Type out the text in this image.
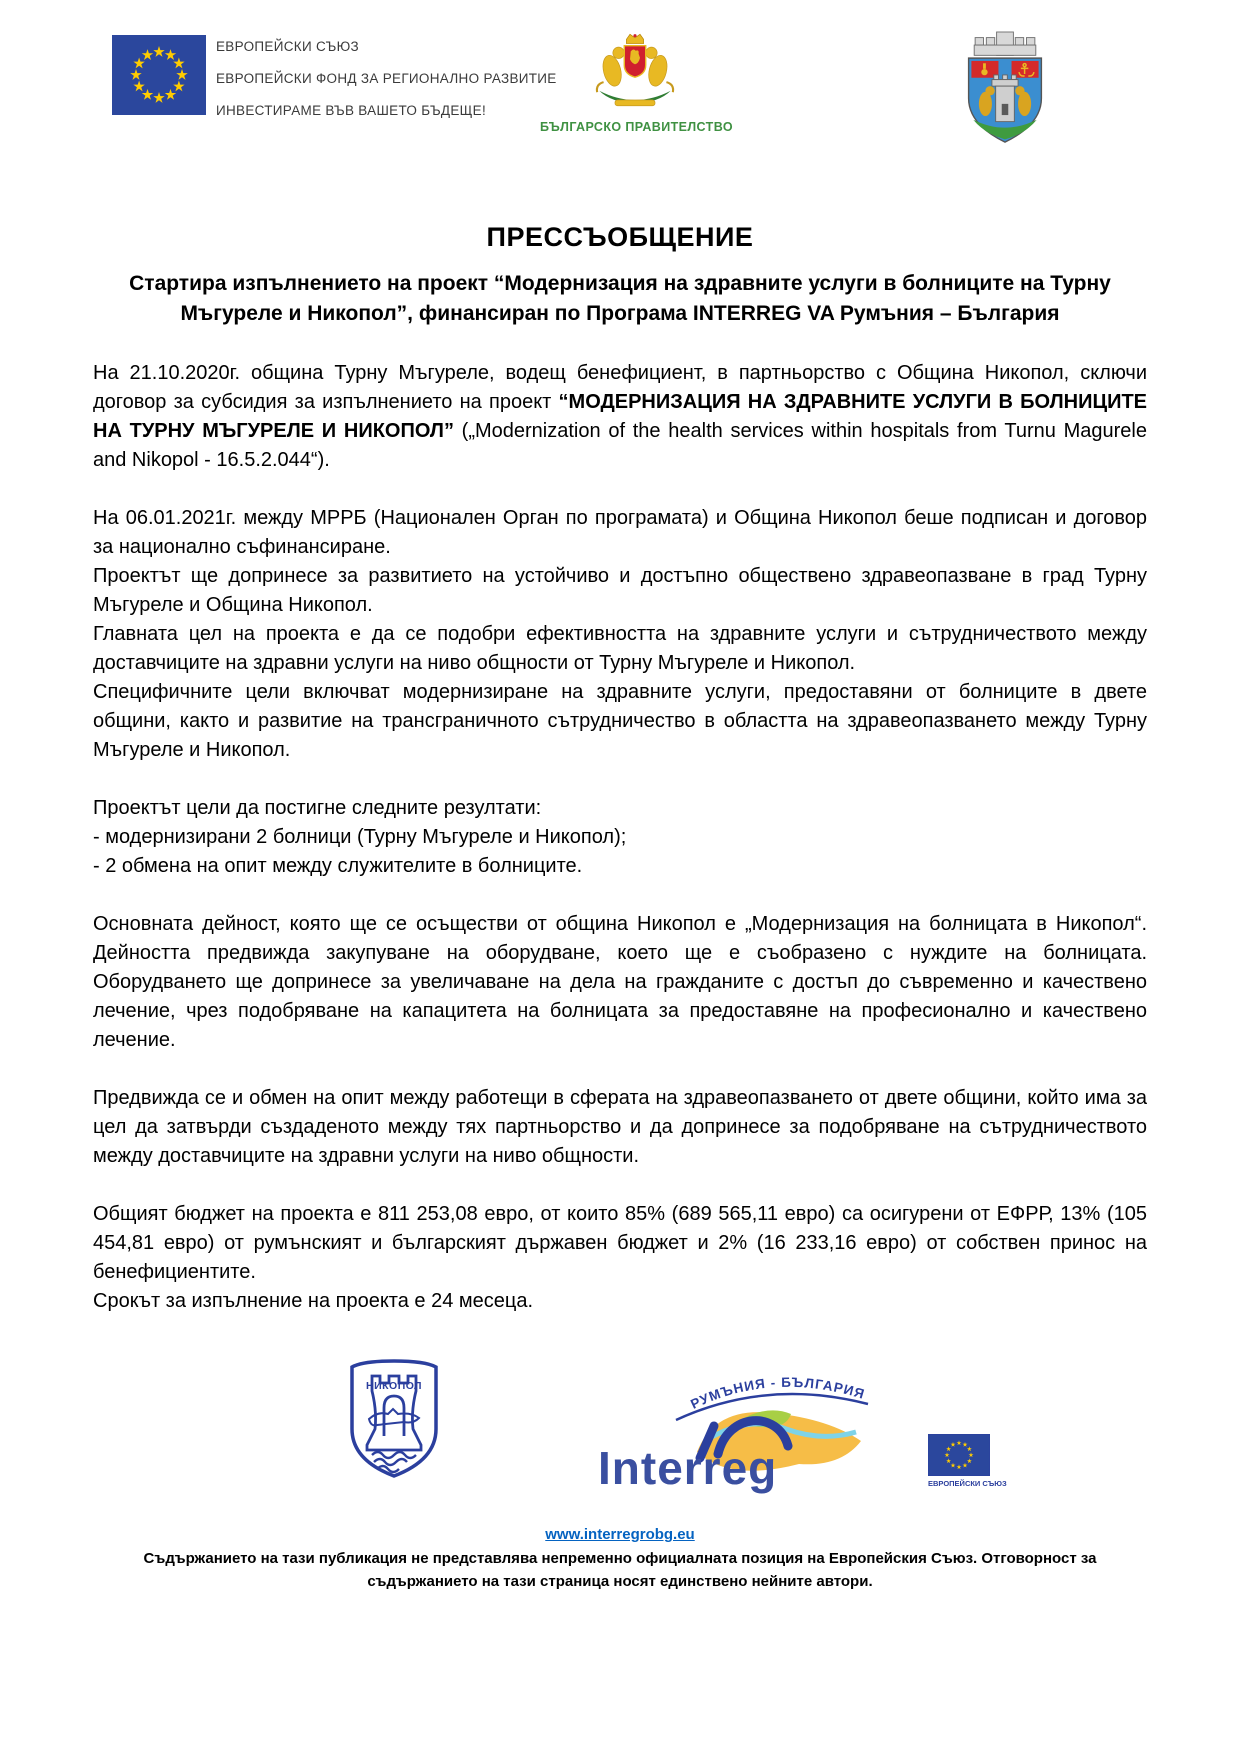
ЕВРОПЕЙСКИ СЪЮЗ
ЕВРОПЕЙСКИ ФОНД ЗА РЕГИОНАЛНО РАЗВИТИЕ
ИНВЕСТИРАМЕ ВЪВ ВАШЕТО БЪДЕЩЕ!
БЪЛГАРСКО ПРАВИТЕЛСТВО
ПРЕССЪОБЩЕНИЕ
Стартира изпълнението на проект “Модернизация на здравните услуги в болниците на Турну Мъгуреле и Никопол”, финансиран по Програма INTERREG VA Румъния – България

На 21.10.2020г. община Турну Мъгуреле, водещ бенефициент, в партньорство с Община Никопол, сключи договор за субсидия за изпълнението на проект “МОДЕРНИЗАЦИЯ НА ЗДРАВНИТЕ УСЛУГИ В БОЛНИЦИТЕ НА ТУРНУ МЪГУРЕЛЕ И НИКОПОЛ” („Modernization of the health services within hospitals from Turnu Magurele and Nikopol - 16.5.2.044“).

На 06.01.2021г. между МРРБ (Национален Орган по програмата) и Община Никопол беше подписан и договор за национално съфинансиране.

Проектът ще допринесе за развитието на устойчиво и достъпно обществено здравеопазване в град Турну Мъгуреле и Община Никопол.

Главната цел на проекта е да се подобри ефективността на здравните услуги и сътрудничеството между доставчиците на здравни услуги на ниво общности от Турну Мъгуреле и Никопол.

Специфичните цели включват модернизиране на здравните услуги, предоставяни от болниците в двете общини, както и развитие на трансграничното сътрудничество в областта на здравеопазването между Турну Мъгуреле и Никопол.

Проектът цели да постигне следните резултати:

- модернизирани 2 болници (Турну Мъгуреле и Никопол);

- 2 обмена на опит между служителите в болниците.

Основната дейност, която ще се осъществи от община Никопол е „Модернизация на болницата в Никопол“. Дейността предвижда закупуване на оборудване, което ще е съобразено с нуждите на болницата. Оборудването ще допринесе за увеличаване на дела на гражданите с достъп до съвременно и качествено лечение, чрез подобряване на капацитета на болницата за предоставяне на професионално и качествено лечение.

Предвижда се и обмен на опит между работещи в сферата на здравеопазването от двете общини, който има за цел да затвърди създаденото между тях партньорство и да допринесе за подобряване на сътрудничеството между доставчиците на здравни услуги на ниво общности.

Общият бюджет на проекта е 811 253,08 евро, от които 85% (689 565,11 евро) са осигурени от ЕФРР, 13% (105 454,81 евро) от румънският и българският държавен бюджет и 2% (16 233,16 евро) от собствен принос на бенефициентите.

Срокът за изпълнение на проекта е 24 месеца.

НИКОПОЛ
РУМЪНИЯ - БЪЛГАРИЯ
Interreg	ЕВРОПЕЙСКИ СЪЮЗ
www.interregrobg.eu
Съдържанието на тази публикация не представлява непременно официалната позиция на Европейския Съюз. Отговорност за съдържанието на тази страница носят единствено нейните автори.
